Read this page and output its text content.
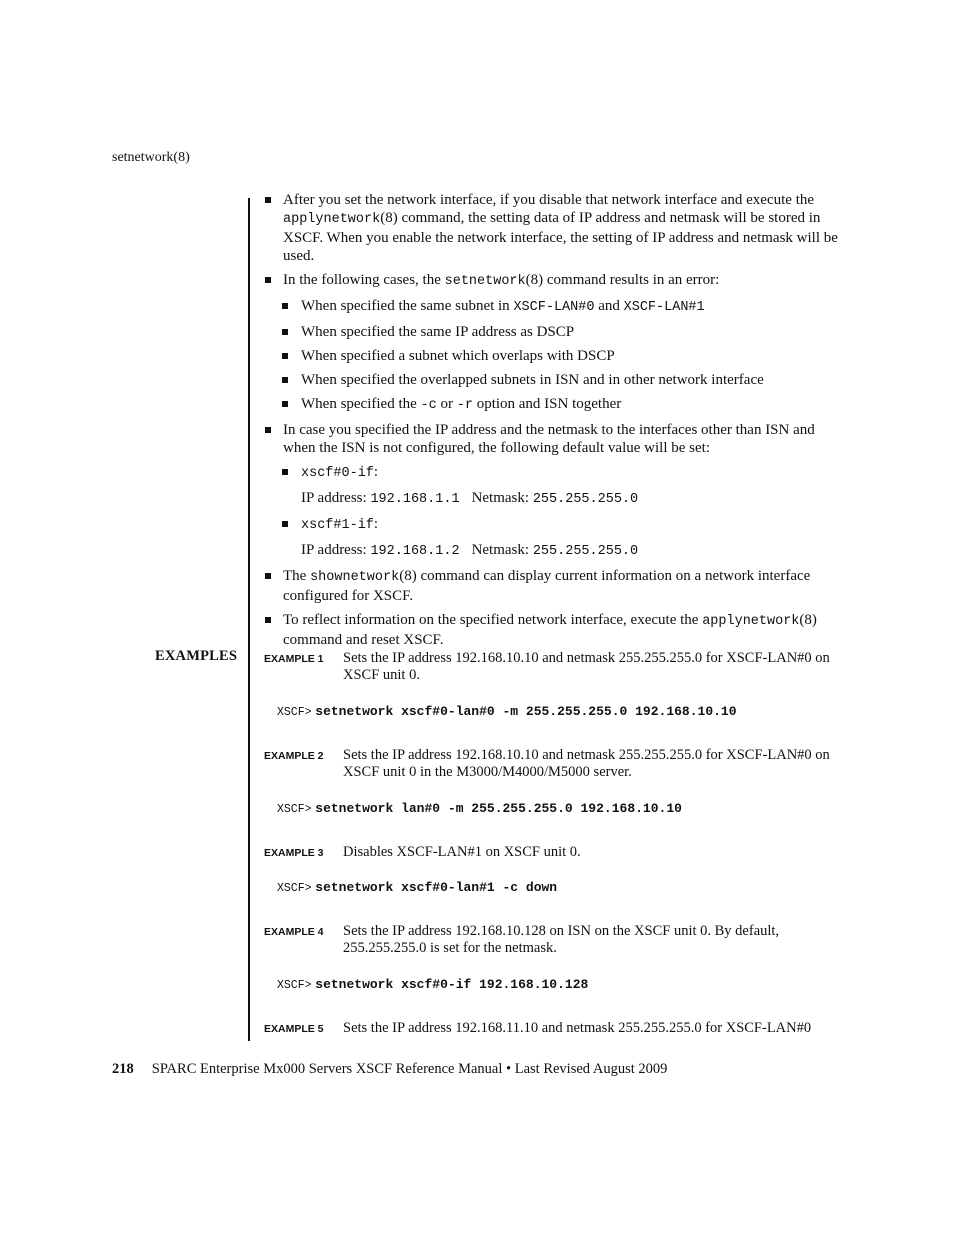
setnetwork(8)
After you set the network interface, if you disable that network interface and execute the applynetwork(8) command, the setting data of IP address and netmask will be stored in XSCF. When you enable the network interface, the setting of IP address and netmask will be used.
In the following cases, the setnetwork(8) command results in an error:
When specified the same subnet in XSCF-LAN#0 and XSCF-LAN#1
When specified the same IP address as DSCP
When specified a subnet which overlaps with DSCP
When specified the overlapped subnets in ISN and in other network interface
When specified the -c or -r option and ISN together
In case you specified the IP address and the netmask to the interfaces other than ISN and when the ISN is not configured, the following default value will be set:
xscf#0-if:
IP address: 192.168.1.1 Netmask: 255.255.255.0
xscf#1-if:
IP address: 192.168.1.2 Netmask: 255.255.255.0
The shownetwork(8) command can display current information on a network interface configured for XSCF.
To reflect information on the specified network interface, execute the applynetwork(8) command and reset XSCF.
EXAMPLES	EXAMPLE 1 Sets the IP address 192.168.10.10 and netmask 255.255.255.0 for XSCF-LAN#0 on XSCF unit 0.
XSCF> setnetwork xscf#0-lan#0 -m 255.255.255.0 192.168.10.10
EXAMPLE 2 Sets the IP address 192.168.10.10 and netmask 255.255.255.0 for XSCF-LAN#0 on XSCF unit 0 in the M3000/M4000/M5000 server.
XSCF> setnetwork lan#0 -m 255.255.255.0 192.168.10.10
EXAMPLE 3 Disables XSCF-LAN#1 on XSCF unit 0.
XSCF> setnetwork xscf#0-lan#1 -c down
EXAMPLE 4 Sets the IP address 192.168.10.128 on ISN on the XSCF unit 0. By default, 255.255.255.0 is set for the netmask.
XSCF> setnetwork xscf#0-if 192.168.10.128
EXAMPLE 5 Sets the IP address 192.168.11.10 and netmask 255.255.255.0 for XSCF-LAN#0
218 SPARC Enterprise Mx000 Servers XSCF Reference Manual • Last Revised August 2009
